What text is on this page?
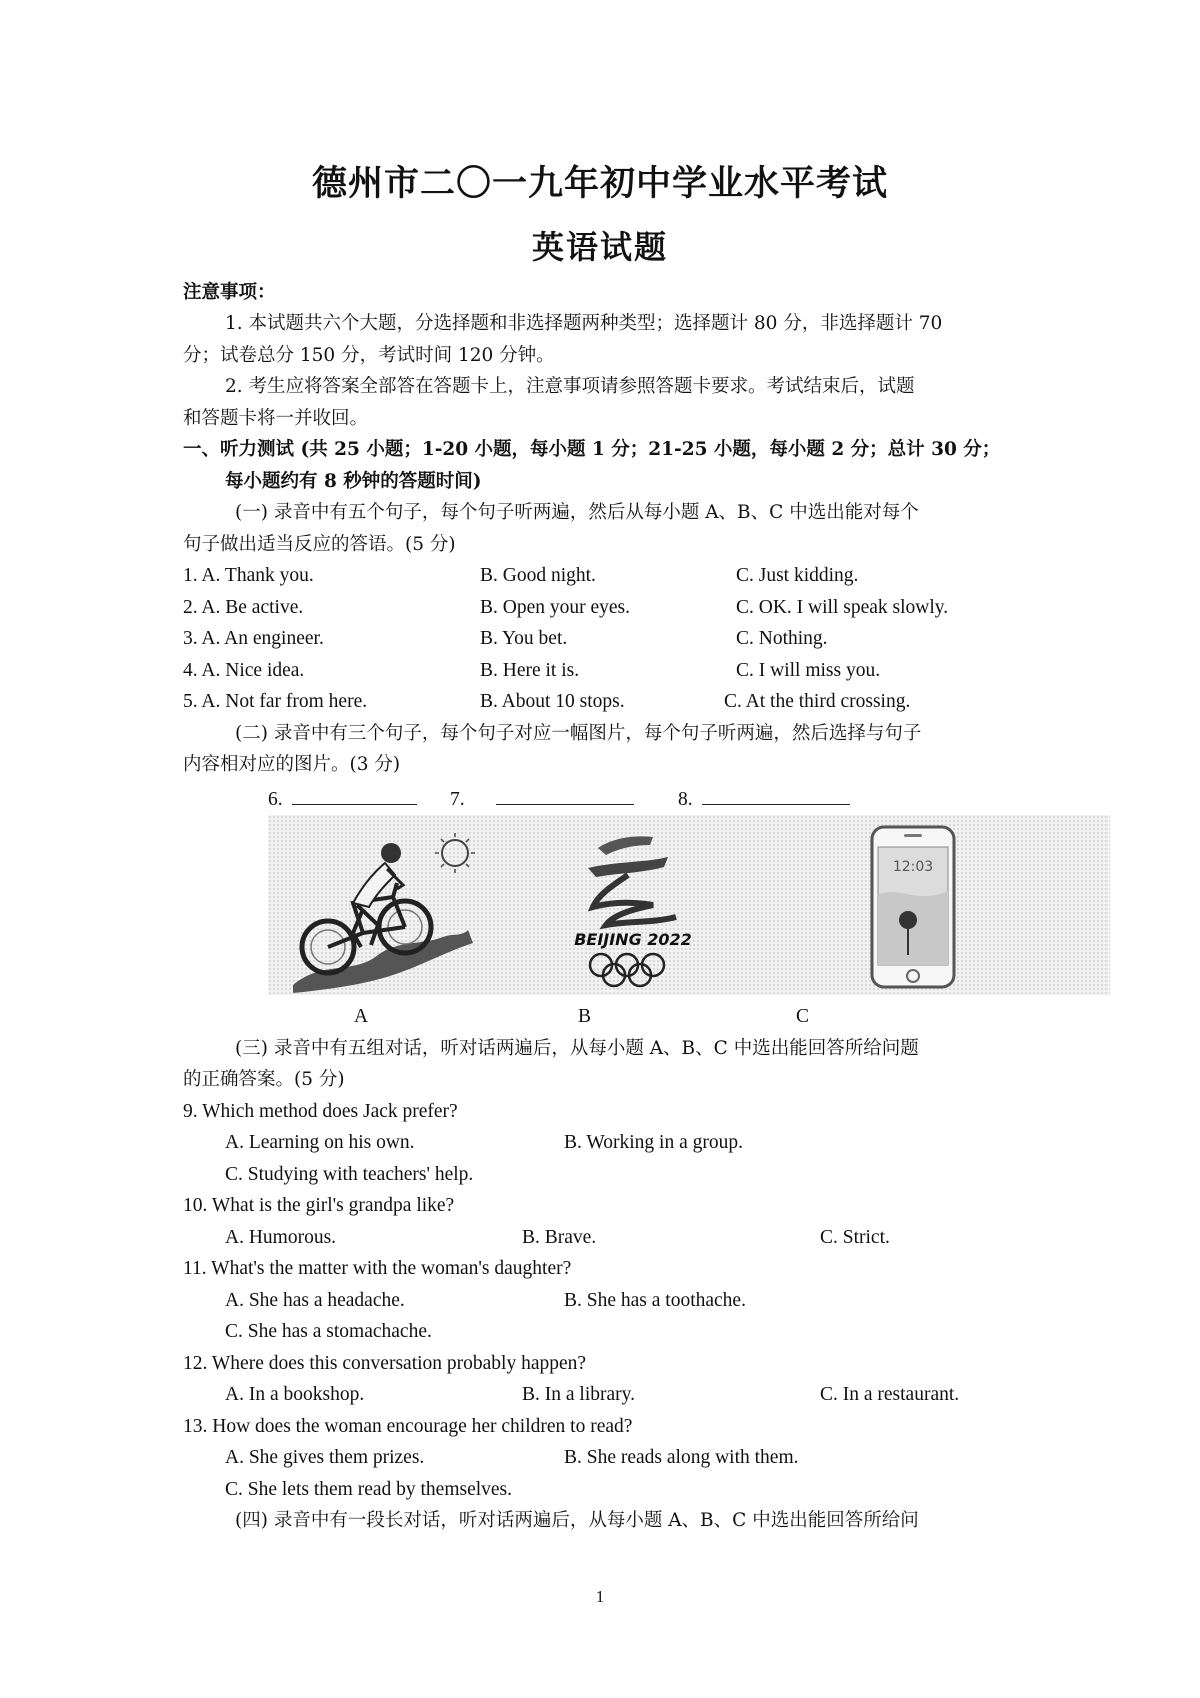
德州市二〇一九年初中学业水平考试
英语试题
注意事项：
1. 本试题共六个大题，分选择题和非选择题两种类型；选择题计 80 分，非选择题计 70
分；试卷总分 150 分，考试时间 120 分钟。
2. 考生应将答案全部答在答题卡上，注意事项请参照答题卡要求。考试结束后，试题
和答题卡将一并收回。
一、听力测试 (共 25 小题；1-20 小题，每小题 1 分；21-25 小题，每小题 2 分；总计 30 分；
每小题约有 8 秒钟的答题时间)
(一) 录音中有五个句子，每个句子听两遍，然后从每小题 A、B、C 中选出能对每个
句子做出适当反应的答语。(5 分)
1. A. Thank you.	B. Good night.	C. Just kidding.
2. A. Be active.	B. Open your eyes.	C. OK. I will speak slowly.
3. A. An engineer.	B. You bet.	C. Nothing.
4. A. Nice idea.	B. Here it is.	C. I will miss you.
5. A. Not far from here.	B. About 10 stops.	C. At the third crossing.
(二) 录音中有三个句子，每个句子对应一幅图片，每个句子听两遍，然后选择与句子
内容相对应的图片。(3 分)
6.	7.	8.
BEIJING 2022
12:03
A	B	C
(三) 录音中有五组对话，听对话两遍后，从每小题 A、B、C 中选出能回答所给问题
的正确答案。(5 分)
9. Which method does Jack prefer?
A. Learning on his own.	B. Working in a group.
C. Studying with teachers' help.
10. What is the girl's grandpa like?
A. Humorous.	B. Brave.	C. Strict.
11. What's the matter with the woman's daughter?
A. She has a headache.	B. She has a toothache.
C. She has a stomachache.
12. Where does this conversation probably happen?
A. In a bookshop.	B. In a library.	C. In a restaurant.
13. How does the woman encourage her children to read?
A. She gives them prizes.	B. She reads along with them.
C. She lets them read by themselves.
(四) 录音中有一段长对话，听对话两遍后，从每小题 A、B、C 中选出能回答所给问
1
